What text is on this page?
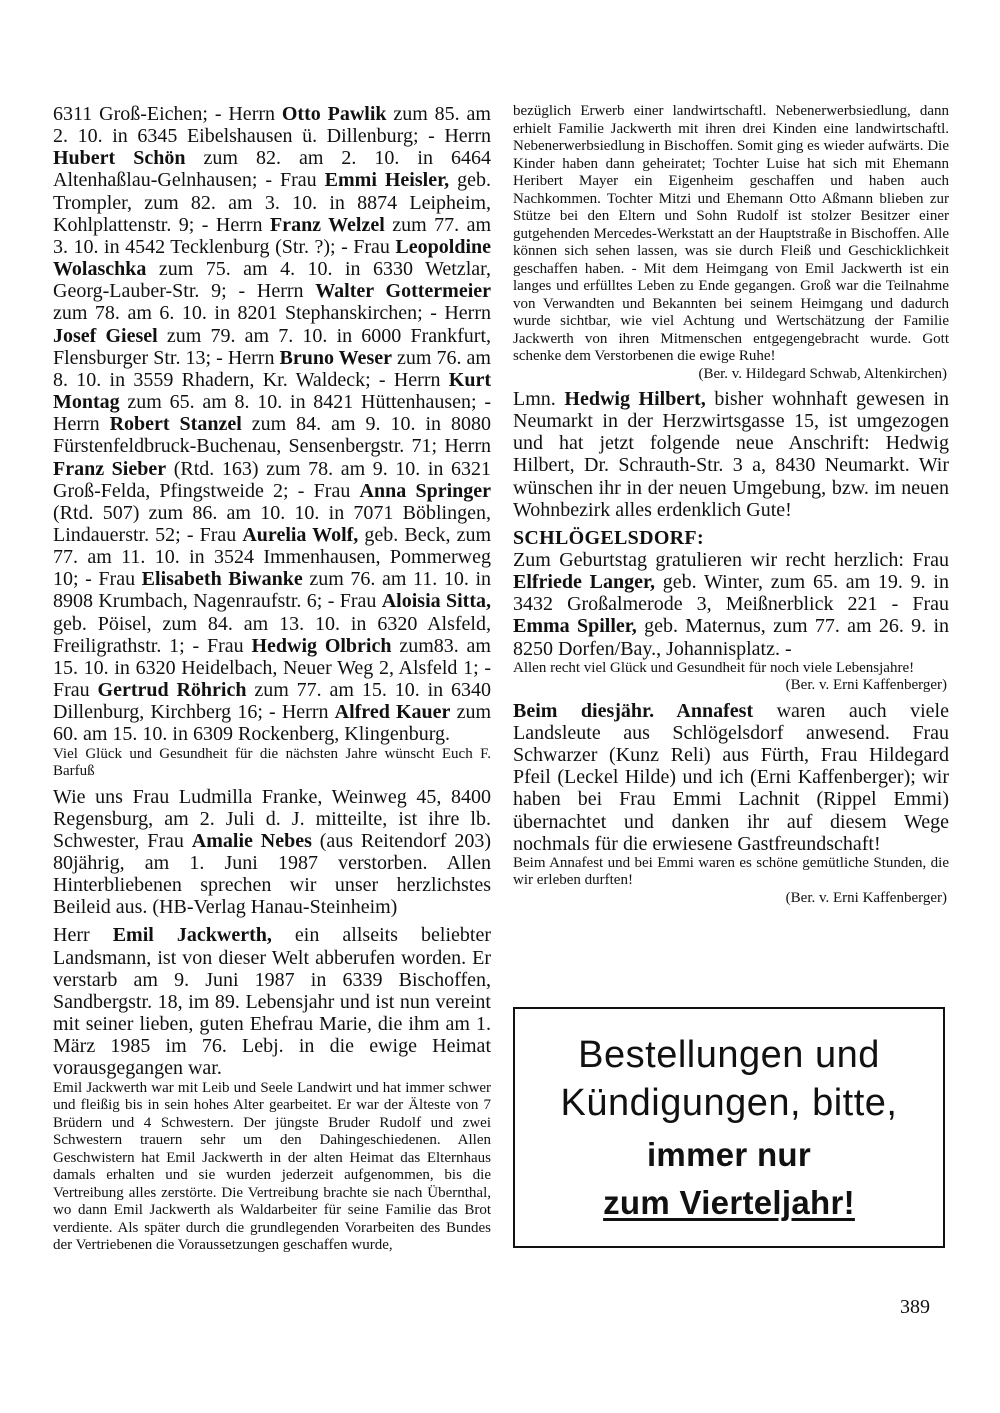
6311 Groß-Eichen; - Herrn Otto Pawlik zum 85. am 2. 10. in 6345 Eibelshausen ü. Dillenburg; - Herrn Hubert Schön zum 82. am 2. 10. in 6464 Altenhaßlau-Gelnhausen; - Frau Emmi Heisler, geb. Trompler, zum 82. am 3. 10. in 8874 Leipheim, Kohlplattenstr. 9; - Herrn Franz Welzel zum 77. am 3. 10. in 4542 Tecklenburg (Str. ?); - Frau Leopoldine Wolaschka zum 75. am 4. 10. in 6330 Wetzlar, Georg-Lauber-Str. 9; - Herrn Walter Gottermeier zum 78. am 6. 10. in 8201 Stephanskirchen; - Herrn Josef Giesel zum 79. am 7. 10. in 6000 Frankfurt, Flensburger Str. 13; - Herrn Bruno Weser zum 76. am 8. 10. in 3559 Rhadern, Kr. Waldeck; - Herrn Kurt Montag zum 65. am 8. 10. in 8421 Hüttenhausen; - Herrn Robert Stanzel zum 84. am 9. 10. in 8080 Fürstenfeldbruck-Buchenau, Sensenbergstr. 71; Herrn Franz Sieber (Rtd. 163) zum 78. am 9. 10. in 6321 Groß-Felda, Pfingstweide 2; - Frau Anna Springer (Rtd. 507) zum 86. am 10. 10. in 7071 Böblingen, Lindauerstr. 52; - Frau Aurelia Wolf, geb. Beck, zum 77. am 11. 10. in 3524 Immenhausen, Pommerweg 10; - Frau Elisabeth Biwanke zum 76. am 11. 10. in 8908 Krumbach, Nagenraufstr. 6; - Frau Aloisia Sitta, geb. Pöisel, zum 84. am 13. 10. in 6320 Alsfeld, Freiligrathstr. 1; - Frau Hedwig Olbrich zum83. am 15. 10. in 6320 Heidelbach, Neuer Weg 2, Alsfeld 1; - Frau Gertrud Röhrich zum 77. am 15. 10. in 6340 Dillenburg, Kirchberg 16; - Herrn Alfred Kauer zum 60. am 15. 10. in 6309 Rockenberg, Klingenburg.

Viel Glück und Gesundheit für die nächsten Jahre wünscht Euch F. Barfuß

Wie uns Frau Ludmilla Franke, Weinweg 45, 8400 Regensburg, am 2. Juli d. J. mitteilte, ist ihre lb. Schwester, Frau Amalie Nebes (aus Reitendorf 203) 80jährig, am 1. Juni 1987 verstorben. Allen Hinterbliebenen sprechen wir unser herzlichstes Beileid aus. (HB-Verlag Hanau-Steinheim)

Herr Emil Jackwerth, ein allseits beliebter Landsmann, ist von dieser Welt abberufen worden. Er verstarb am 9. Juni 1987 in 6339 Bischoffen, Sandbergstr. 18, im 89. Lebensjahr und ist nun vereint mit seiner lieben, guten Ehefrau Marie, die ihm am 1. März 1985 im 76. Lebj. in die ewige Heimat vorausgegangen war.

Emil Jackwerth war mit Leib und Seele Landwirt und hat immer schwer und fleißig bis in sein hohes Alter gearbeitet. Er war der Älteste von 7 Brüdern und 4 Schwestern. Der jüngste Bruder Rudolf und zwei Schwestern trauern sehr um den Dahingeschiedenen. Allen Geschwistern hat Emil Jackwerth in der alten Heimat das Elternhaus damals erhalten und sie wurden jederzeit aufgenommen, bis die Vertreibung alles zerstörte. Die Vertreibung brachte sie nach Übernthal, wo dann Emil Jackwerth als Waldarbeiter für seine Familie das Brot verdiente. Als später durch die grundlegenden Vorarbeiten des Bundes der Vertriebenen die Voraussetzungen geschaffen wurde,

bezüglich Erwerb einer landwirtschaftl. Nebenerwerbsiedlung, dann erhielt Familie Jackwerth mit ihren drei Kinden eine landwirtschaftl. Nebenerwerbsiedlung in Bischoffen. Somit ging es wieder aufwärts. Die Kinder haben dann geheiratet; Tochter Luise hat sich mit Ehemann Heribert Mayer ein Eigenheim geschaffen und haben auch Nachkommen. Tochter Mitzi und Ehemann Otto Aßmann blieben zur Stütze bei den Eltern und Sohn Rudolf ist stolzer Besitzer einer gutgehenden Mercedes-Werkstatt an der Hauptstraße in Bischoffen. Alle können sich sehen lassen, was sie durch Fleiß und Geschicklichkeit geschaffen haben. - Mit dem Heimgang von Emil Jackwerth ist ein langes und erfülltes Leben zu Ende gegangen. Groß war die Teilnahme von Verwandten und Bekannten bei seinem Heimgang und dadurch wurde sichtbar, wie viel Achtung und Wertschätzung der Familie Jackwerth von ihren Mitmenschen entgegengebracht wurde. Gott schenke dem Verstorbenen die ewige Ruhe!

(Ber. v. Hildegard Schwab, Altenkirchen)

Lmn. Hedwig Hilbert, bisher wohnhaft gewesen in Neumarkt in der Herzwirtsgasse 15, ist umgezogen und hat jetzt folgende neue Anschrift: Hedwig Hilbert, Dr. Schrauth-Str. 3 a, 8430 Neumarkt. Wir wünschen ihr in der neuen Umgebung, bzw. im neuen Wohnbezirk alles erdenklich Gute!

SCHLÖGELSDORF:

Zum Geburtstag gratulieren wir recht herzlich: Frau Elfriede Langer, geb. Winter, zum 65. am 19. 9. in 3432 Großalmerode 3, Meißnerblick 221 - Frau Emma Spiller, geb. Maternus, zum 77. am 26. 9. in 8250 Dorfen/Bay., Johannisplatz. -

Allen recht viel Glück und Gesundheit für noch viele Lebensjahre!

(Ber. v. Erni Kaffenberger)

Beim diesjähr. Annafest waren auch viele Landsleute aus Schlögelsdorf anwesend. Frau Schwarzer (Kunz Reli) aus Fürth, Frau Hildegard Pfeil (Leckel Hilde) und ich (Erni Kaffenberger); wir haben bei Frau Emmi Lachnit (Rippel Emmi) übernachtet und danken ihr auf diesem Wege nochmals für die erwiesene Gastfreundschaft!

Beim Annafest und bei Emmi waren es schöne gemütliche Stunden, die wir erleben durften!

(Ber. v. Erni Kaffenberger)

Bestellungen und
Kündigungen, bitte,
immer nur
zum Vierteljahr!
389
